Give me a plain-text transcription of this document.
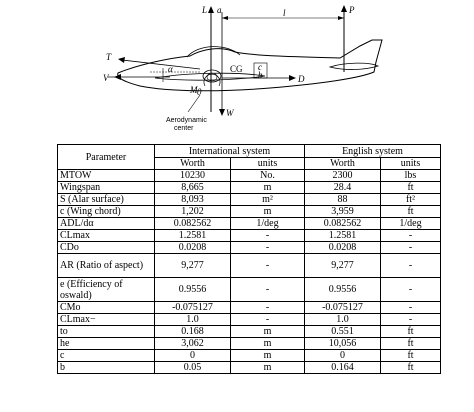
L a	l	P
T
V
α	CG c
b	D
M 0
W
Aerodynamic
center
Parameter	International system		English system	
	Worth	units	Worth	units
MTOW	10230	No.	2300	lbs
Wingspan	8,665	m	28.4	ft
S (Alar surface)	8,093	m²	88	ft²
c (Wing chord)	1,202	m	3,959	ft
ADL/dα	0.082562	1/deg	0.082562	1/deg
CLmax	1.2581	-	1.2581	-
CDo	0.0208	-	0.0208	-
AR (Ratio of aspect)	9,277	-	9,277	-
e (Efficiency of oswald)	0.9556	-	0.9556	-
CMo	-0.075127	-	-0.075127	-
CLmax−	1.0	-	1.0	-
to	0.168	m	0.551	ft
he	3,062	m	10,056	ft
c	0	m	0	ft
b	0.05	m	0.164	ft
